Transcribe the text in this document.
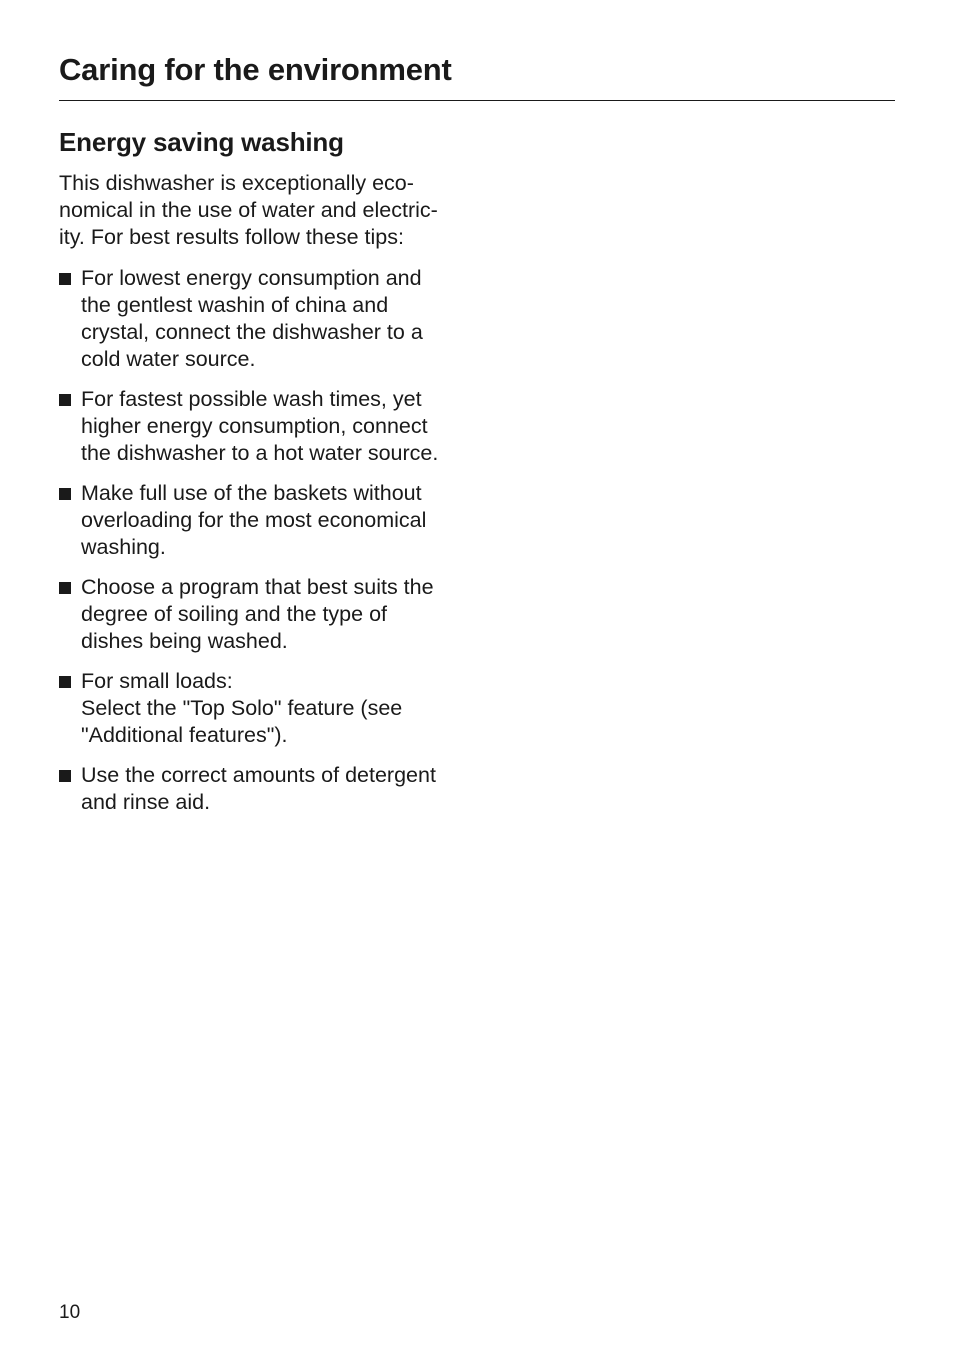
Caring for the environment
Energy saving washing

This dishwasher is exceptionally eco-
nomical in the use of water and electric-
ity. For best results follow these tips:

For lowest energy consumption and
the gentlest washin of china and
crystal, connect the dishwasher to a
cold water source.
For fastest possible wash times, yet
higher energy consumption, connect
the dishwasher to a hot water source.
Make full use of the baskets without
overloading for the most economical
washing.
Choose a program that best suits the
degree of soiling and the type of
dishes being washed.
For small loads:
Select the "Top Solo" feature (see
"Additional features").
Use the correct amounts of detergent
and rinse aid.

10
